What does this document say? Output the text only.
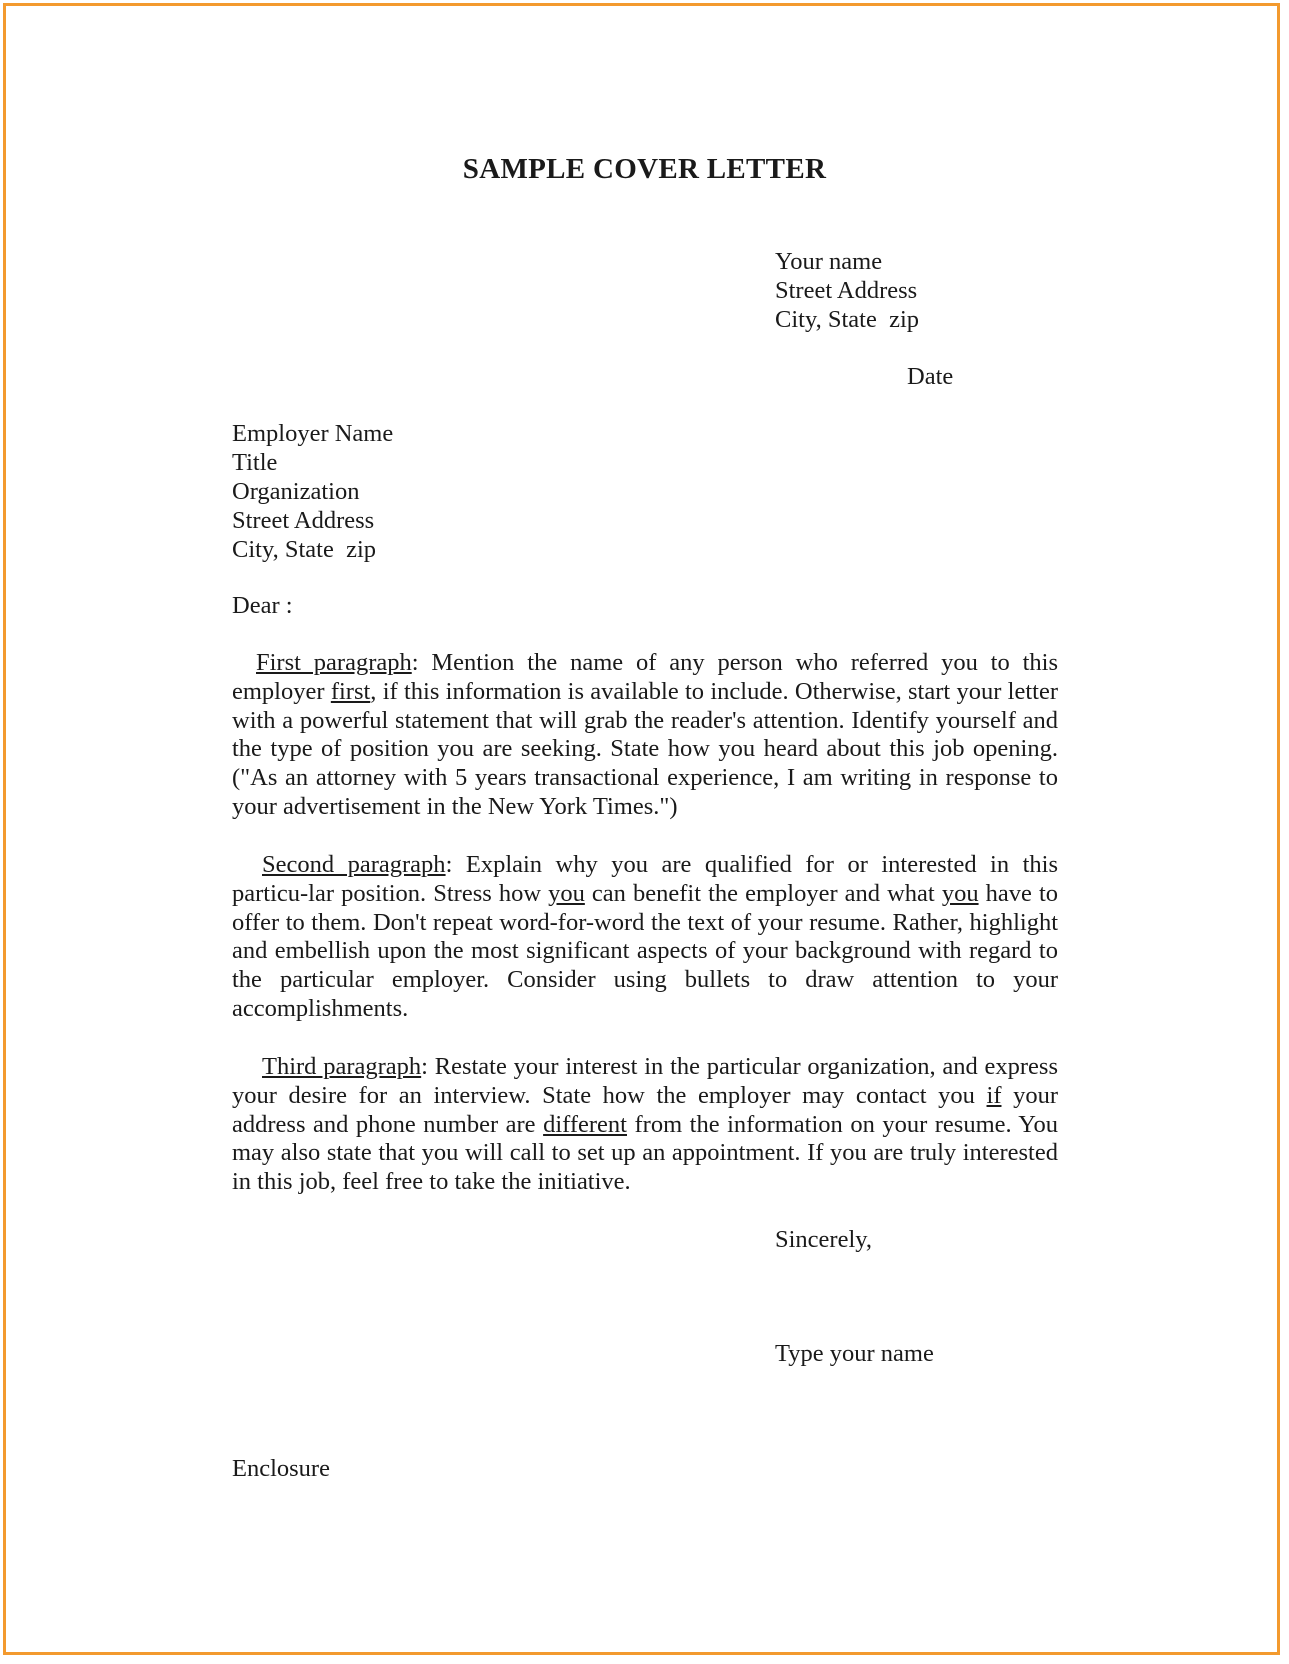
SAMPLE COVER LETTER
Your name
Street Address
City, State  zip
Date
Employer Name
Title
Organization
Street Address
City, State  zip
Dear :
First paragraph: Mention the name of any person who referred you to this employer first, if this information is available to include. Otherwise, start your letter with a powerful statement that will grab the reader's attention. Identify yourself and the type of position you are seeking. State how you heard about this job opening. ("As an attorney with 5 years transactional experience, I am writing in response to your advertisement in the New York Times.")
Second paragraph: Explain why you are qualified for or interested in this particu-lar position. Stress how you can benefit the employer and what you have to offer to them. Don't repeat word-for-word the text of your resume. Rather, highlight and embellish upon the most significant aspects of your background with regard to the particular employer. Consider using bullets to draw attention to your accomplishments.
Third paragraph: Restate your interest in the particular organization, and express your desire for an interview. State how the employer may contact you if your address and phone number are different from the information on your resume. You may also state that you will call to set up an appointment. If you are truly interested in this job, feel free to take the initiative.
Sincerely,
Type your name
Enclosure
